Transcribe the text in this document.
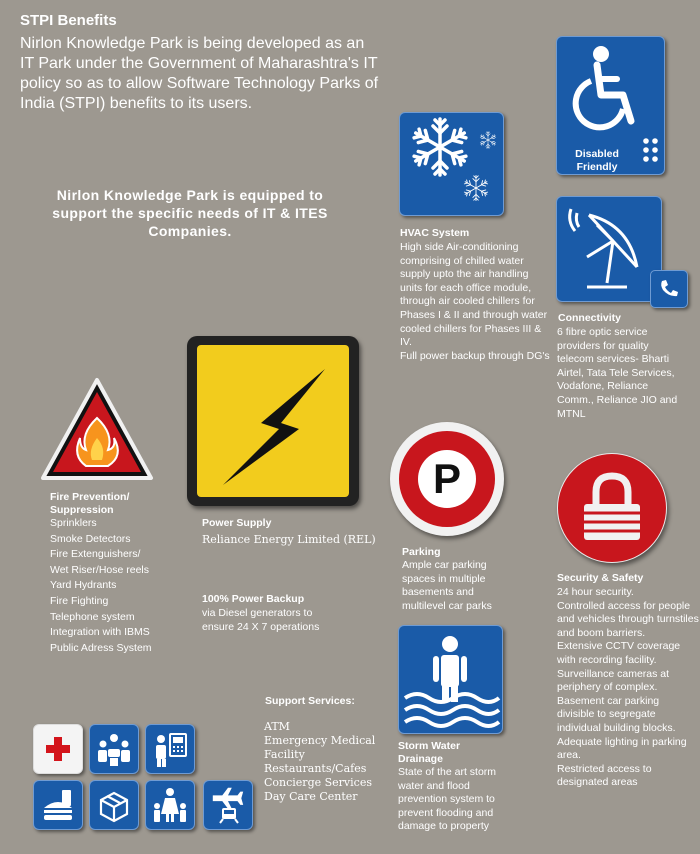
STPI Benefits
Nirlon Knowledge Park is being developed as an IT Park under the Government of Maharashtra's IT policy so as to allow Software Technology Parks of India (STPI) benefits to its users.
Nirlon Knowledge Park is equipped to support the specific needs of IT & ITES Companies.	HVAC System
High side Air-conditioning comprising of chilled water supply upto the air handling units for each office module, through air cooled chillers for Phases I & II and through water cooled chillers for Phases III & IV.
Full power backup through DG's
Disabled Friendly
Connectivity
6 fibre optic service providers for quality telecom services- Bharti Airtel, Tata Tele Services, Vodafone, Reliance Comm., Reliance JIO and MTNL
Fire Prevention/ Suppression
Sprinklers
Smoke Detectors
Fire Extenguishers/
Wet Riser/Hose reels
Yard Hydrants
Fire Fighting
Telephone system
Integration with IBMS
Public Adress System
Power Supply
Reliance Energy Limited (REL)
100% Power Backup
via Diesel generators to ensure 24 X 7 operations
P
Parking
Ample car parking spaces in multiple basements and multilevel car parks
Security & Safety
24 hour security.
Controlled access for people and vehicles through turnstiles and boom barriers.
Extensive CCTV coverage with recording facility.
Surveillance cameras at periphery of complex.
Basement car parking divisible to segregate individual building blocks.
Adequate lighting in parking area.
Restricted access to designated areas
Storm Water Drainage
State of the art storm water and flood prevention system to prevent flooding and damage to property
Support Services:
ATM
Emergency Medical Facility
Restaurants/Cafes
Concierge Services
Day Care Center
